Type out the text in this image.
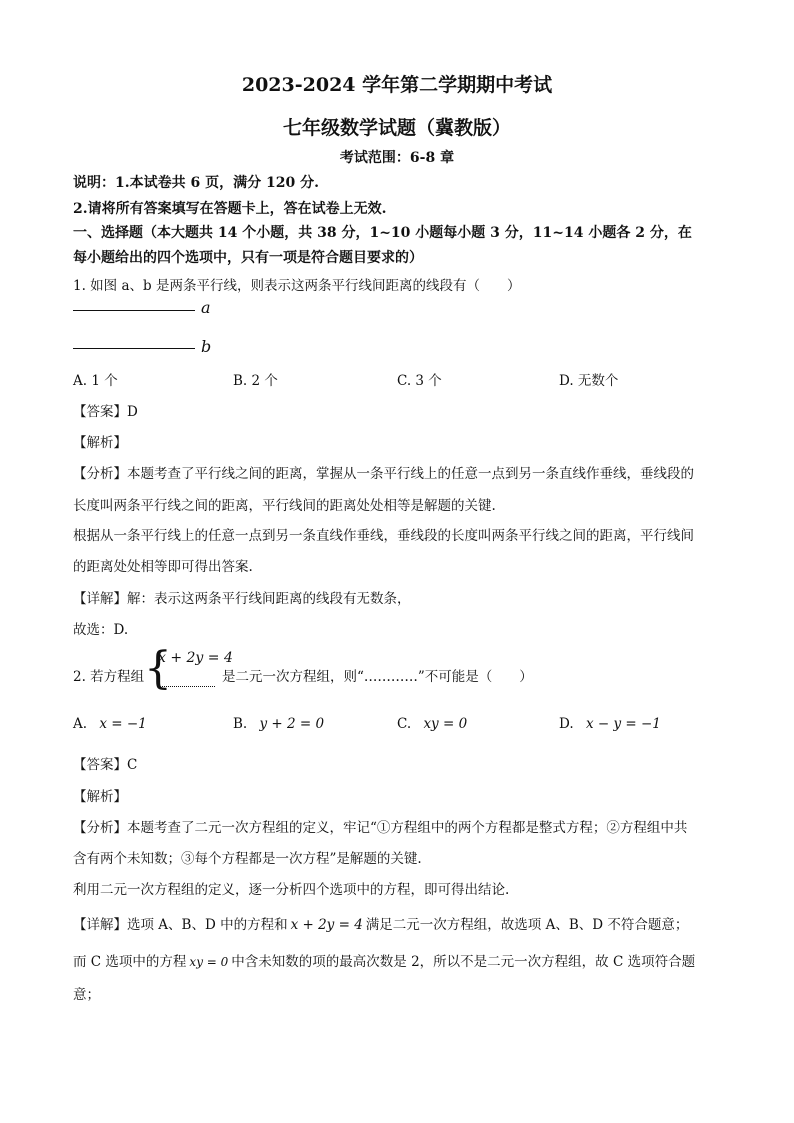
2023-2024 学年第二学期期中考试
七年级数学试题（冀教版）
考试范围：6-8 章
说明：1.本试卷共 6 页，满分 120 分.
2.请将所有答案填写在答题卡上，答在试卷上无效.
一、选择题（本大题共 14 个小题，共 38 分，1~10 小题每小题 3 分，11~14 小题各 2 分，在
每小题给出的四个选项中，只有一项是符合题目要求的）
1. 如图 a、b 是两条平行线，则表示这两条平行线间距离的线段有（　　）
a
b
A. 1 个	B. 2 个	C. 3 个	D. 无数个
【答案】D
【解析】
【分析】本题考查了平行线之间的距离，掌握从一条平行线上的任意一点到另一条直线作垂线，垂线段的
长度叫两条平行线之间的距离，平行线间的距离处处相等是解题的关键.
根据从一条平行线上的任意一点到另一条直线作垂线，垂线段的长度叫两条平行线之间的距离，平行线间
的距离处处相等即可得出答案.
【详解】解：表示这两条平行线间距离的线段有无数条，
故选：D.
2. 若方程组 {
x + 2y = 4
是二元一次方程组，则“…………”不可能是（　　）
A. x = −1	B. y + 2 = 0	C. xy = 0	D. x − y = −1
【答案】C
【解析】
【分析】本题考查了二元一次方程组的定义，牢记“①方程组中的两个方程都是整式方程；②方程组中共
含有两个未知数；③每个方程都是一次方程”是解题的关键.
利用二元一次方程组的定义，逐一分析四个选项中的方程，即可得出结论.
【详解】选项 A、B、D 中的方程和 x + 2y = 4 满足二元一次方程组，故选项 A、B、D 不符合题意；
而 C 选项中的方程 xy = 0 中含未知数的项的最高次数是 2，所以不是二元一次方程组，故 C 选项符合题
意；
